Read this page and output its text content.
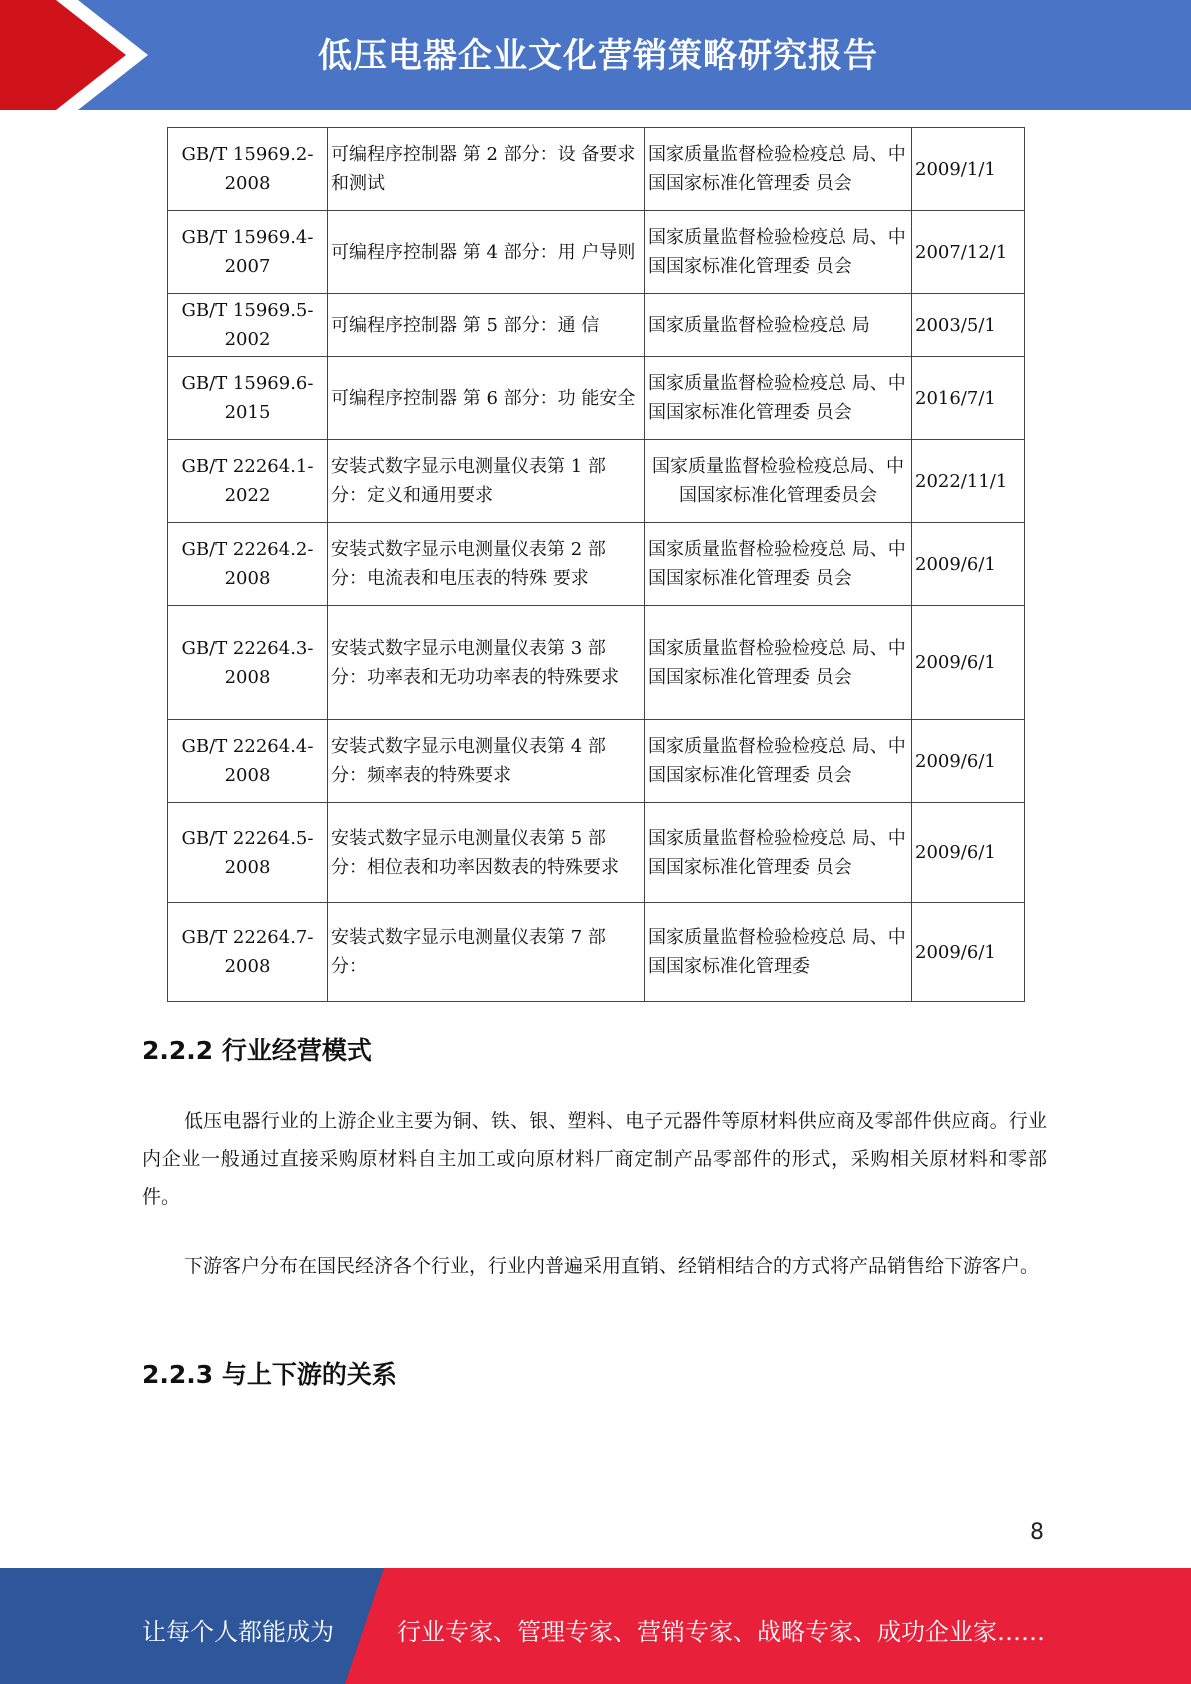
低压电器企业文化营销策略研究报告
GB/T 15969.2-2008	可编程序控制器 第 2 部分：设 备要求和测试	国家质量监督检验检疫总 局、中国国家标准化管理委 员会	2009/1/1
GB/T 15969.4-2007	可编程序控制器 第 4 部分：用 户导则	国家质量监督检验检疫总 局、中国国家标准化管理委 员会	2007/12/1
GB/T 15969.5-2002	可编程序控制器 第 5 部分：通 信	国家质量监督检验检疫总 局	2003/5/1
GB/T 15969.6-2015	可编程序控制器 第 6 部分：功 能安全	国家质量监督检验检疫总 局、中国国家标准化管理委 员会	2016/7/1
GB/T 22264.1-2022	安装式数字显示电测量仪表第 1 部分：定义和通用要求	国家质量监督检验检疫总局、中国国家标准化管理委员会	2022/11/1
GB/T 22264.2-2008	安装式数字显示电测量仪表第 2 部分：电流表和电压表的特殊 要求	国家质量监督检验检疫总 局、中国国家标准化管理委 员会	2009/6/1
GB/T 22264.3-2008	安装式数字显示电测量仪表第 3 部分：功率表和无功功率表的特殊要求	国家质量监督检验检疫总 局、中国国家标准化管理委 员会	2009/6/1
GB/T 22264.4-2008	安装式数字显示电测量仪表第 4 部分：频率表的特殊要求	国家质量监督检验检疫总 局、中国国家标准化管理委 员会	2009/6/1
GB/T 22264.5-2008	安装式数字显示电测量仪表第 5 部分：相位表和功率因数表的特殊要求	国家质量监督检验检疫总 局、中国国家标准化管理委 员会	2009/6/1
GB/T 22264.7-2008	安装式数字显示电测量仪表第 7 部分：	国家质量监督检验检疫总 局、中国国家标准化管理委	2009/6/1
2.2.2 行业经营模式

低压电器行业的上游企业主要为铜、铁、银、塑料、电子元器件等原材料供应商及零部件供应商。行业内企业一般通过直接采购原材料自主加工或向原材料厂商定制产品零部件的形式，采购相关原材料和零部件。

下游客户分布在国民经济各个行业，行业内普遍采用直销、经销相结合的方式将产品销售给下游客户。

2.2.3 与上下游的关系
8
让每个人都能成为	行业专家、管理专家、营销专家、战略专家、成功企业家……
